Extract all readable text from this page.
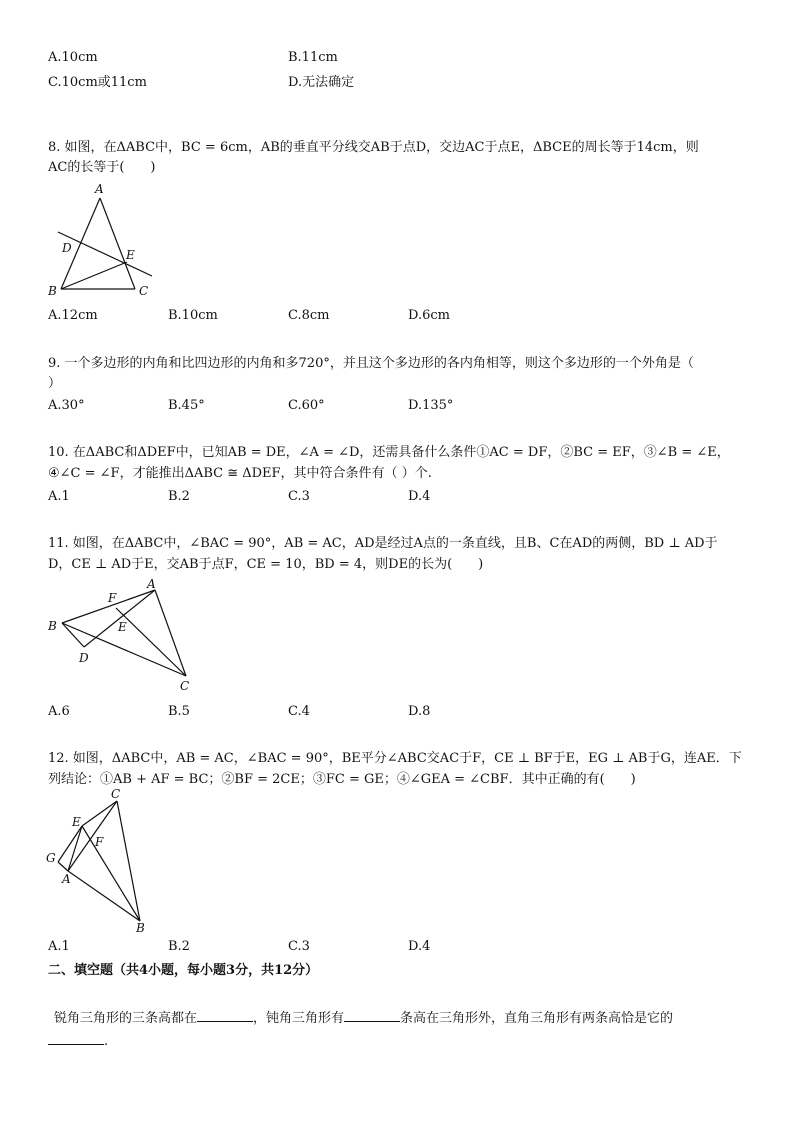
A.10cm	B.11cm
C.10cm或11cm	D.无法确定
8. 如图，在ΔABC中，BC = 6cm，AB的垂直平分线交AB于点D，交边AC于点E，ΔBCE的周长等于14cm，则
AC的长等于(　　)
A
D	E
B	C
A.12cm	B.10cm	C.8cm	D.6cm
9. 一个多边形的内角和比四边形的内角和多720°，并且这个多边形的各内角相等，则这个多边形的一个外角是（
）
A.30°	B.45°	C.60°	D.135°
10. 在ΔABC和ΔDEF中，已知AB = DE，∠A = ∠D，还需具备什么条件①AC = DF，②BC = EF，③∠B = ∠E，
④∠C = ∠F，才能推出ΔABC ≅ ΔDEF，其中符合条件有（ ）个.
A.1	B.2	C.3	D.4
11. 如图，在ΔABC中，∠BAC = 90°，AB = AC，AD是经过A点的一条直线，且B、C在AD的两侧，BD ⊥ AD于
D，CE ⊥ AD于E，交AB于点F，CE = 10，BD = 4，则DE的长为(　　)
A
F
B	E
D
C
A.6	B.5	C.4	D.8
12. 如图，ΔABC中，AB = AC，∠BAC = 90°，BE平分∠ABC交AC于F，CE ⊥ BF于E，EG ⊥ AB于G，连AE．下
列结论：①AB + AF = BC；②BF = 2CE；③FC = GE；④∠GEA = ∠CBF．其中正确的有(　　)
C
E
F
G
A
B
A.1	B.2	C.3	D.4
二、填空题（共4小题，每小题3分，共12分）
锐角三角形的三条高都在	，钝角三角形有	条高在三角形外，直角三角形有两条高恰是它的
.
